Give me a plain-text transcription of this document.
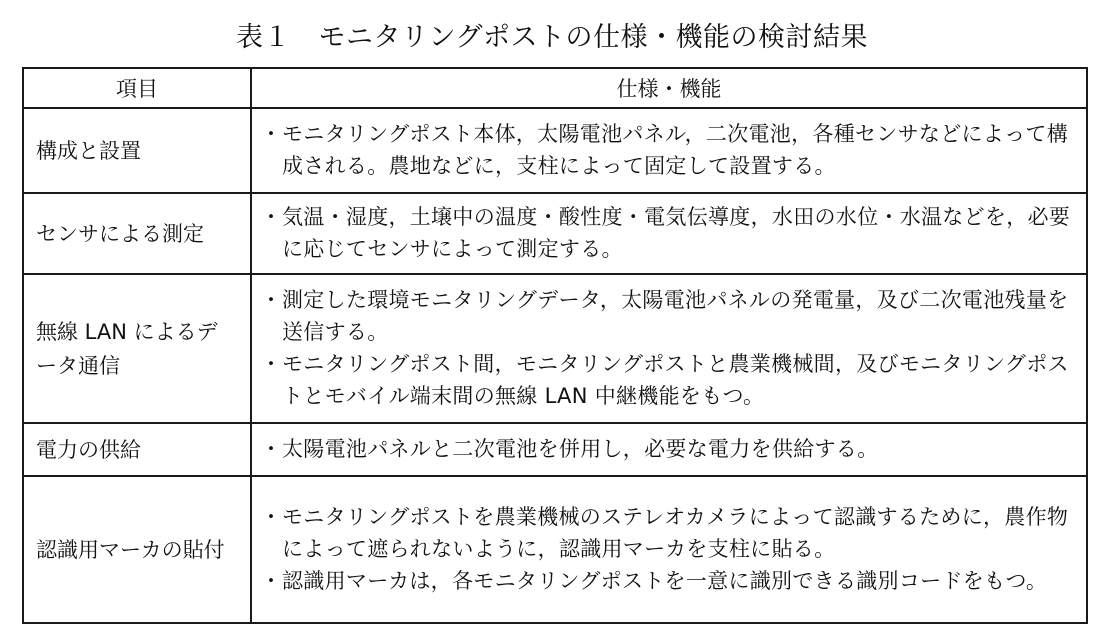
表１　モニタリングポストの仕様・機能の検討結果
項目	仕様・機能
構成と設置	・ モニタリングポスト本体，太陽電池パネル，二次電池，各種センサなどによって構成される。農地などに，支柱によって固定して設置する。

センサによる測定	・ 気温・湿度，土壌中の温度・酸性度・電気伝導度，水田の水位・水温などを，必要に応じてセンサによって測定する。

無線 LAN によるデータ通信	・ 測定した環境モニタリングデータ，太陽電池パネルの発電量，及び二次電池残量を送信する。
・ モニタリングポスト間，モニタリングポストと農業機械間，及びモニタリングポストとモバイル端末間の無線 LAN 中継機能をもつ。

電力の供給	・ 太陽電池パネルと二次電池を併用し，必要な電力を供給する。

認識用マーカの貼付	・ モニタリングポストを農業機械のステレオカメラによって認識するために，農作物によって遮られないように，認識用マーカを支柱に貼る。
・ 認識用マーカは，各モニタリングポストを一意に識別できる識別コードをもつ。
